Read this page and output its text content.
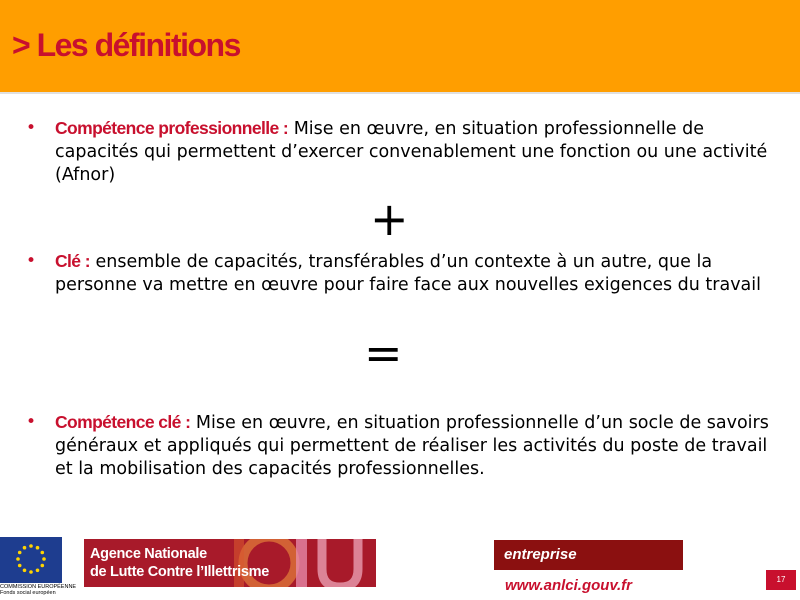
> Les définitions
• Compétence professionnelle : Mise en œuvre, en situation professionnelle de capacités qui permettent d’exercer convenablement une fonction ou une activité (Afnor)
+
• Clé : ensemble de capacités, transférables d’un contexte à un autre, que la personne va mettre en œuvre pour faire face aux nouvelles exigences du travail
=
• Compétence clé : Mise en œuvre, en situation professionnelle d’un socle de savoirs généraux et appliqués qui permettent de réaliser les activités du poste de travail et la mobilisation des capacités professionnelles.
COMMISSION EUROPÉENNE
Fonds social européen
Agence Nationale
de Lutte Contre l’Illettrisme
entreprise
www.anlci.gouv.fr	17
